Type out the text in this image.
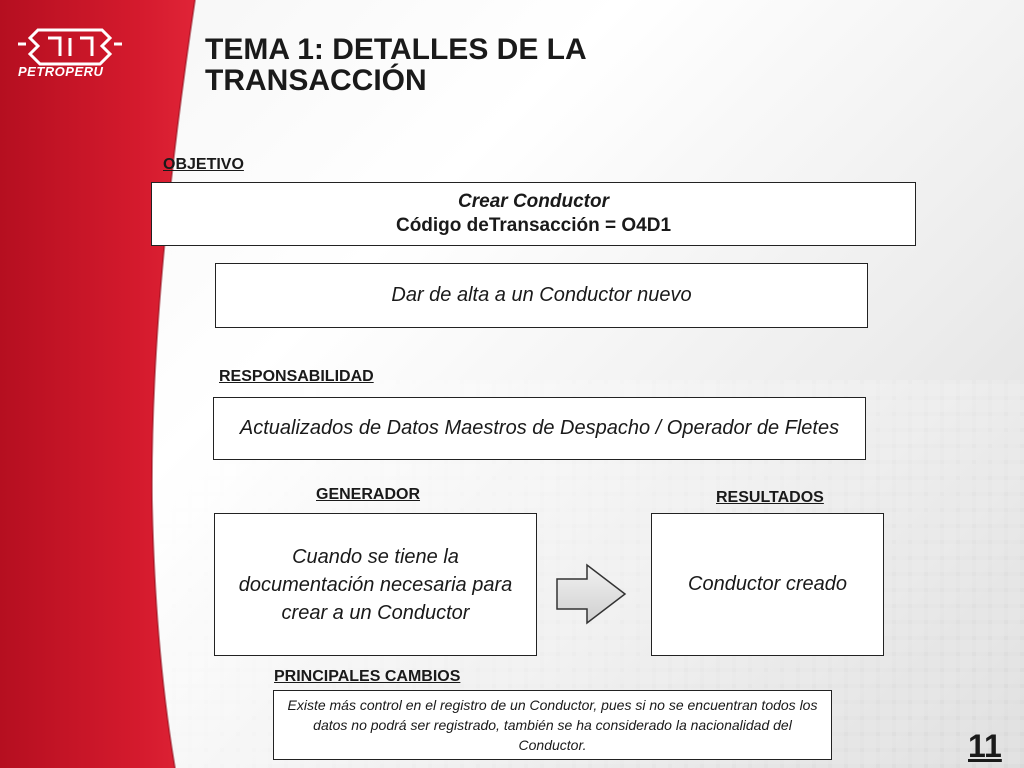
PETROPERU
TEMA 1: DETALLES DE LA TRANSACCIÓN
OBJETIVO
Crear Conductor
Código deTransacción = O4D1
Dar de alta a un Conductor nuevo
RESPONSABILIDAD
Actualizados de Datos Maestros de Despacho / Operador de Fletes
GENERADOR	RESULTADOS
Cuando se tiene la documentación necesaria para crear a un Conductor
Conductor creado
PRINCIPALES CAMBIOS
Existe más control en el registro de un Conductor, pues si no se encuentran todos los datos no podrá ser registrado, también se ha considerado la nacionalidad del Conductor.	11
